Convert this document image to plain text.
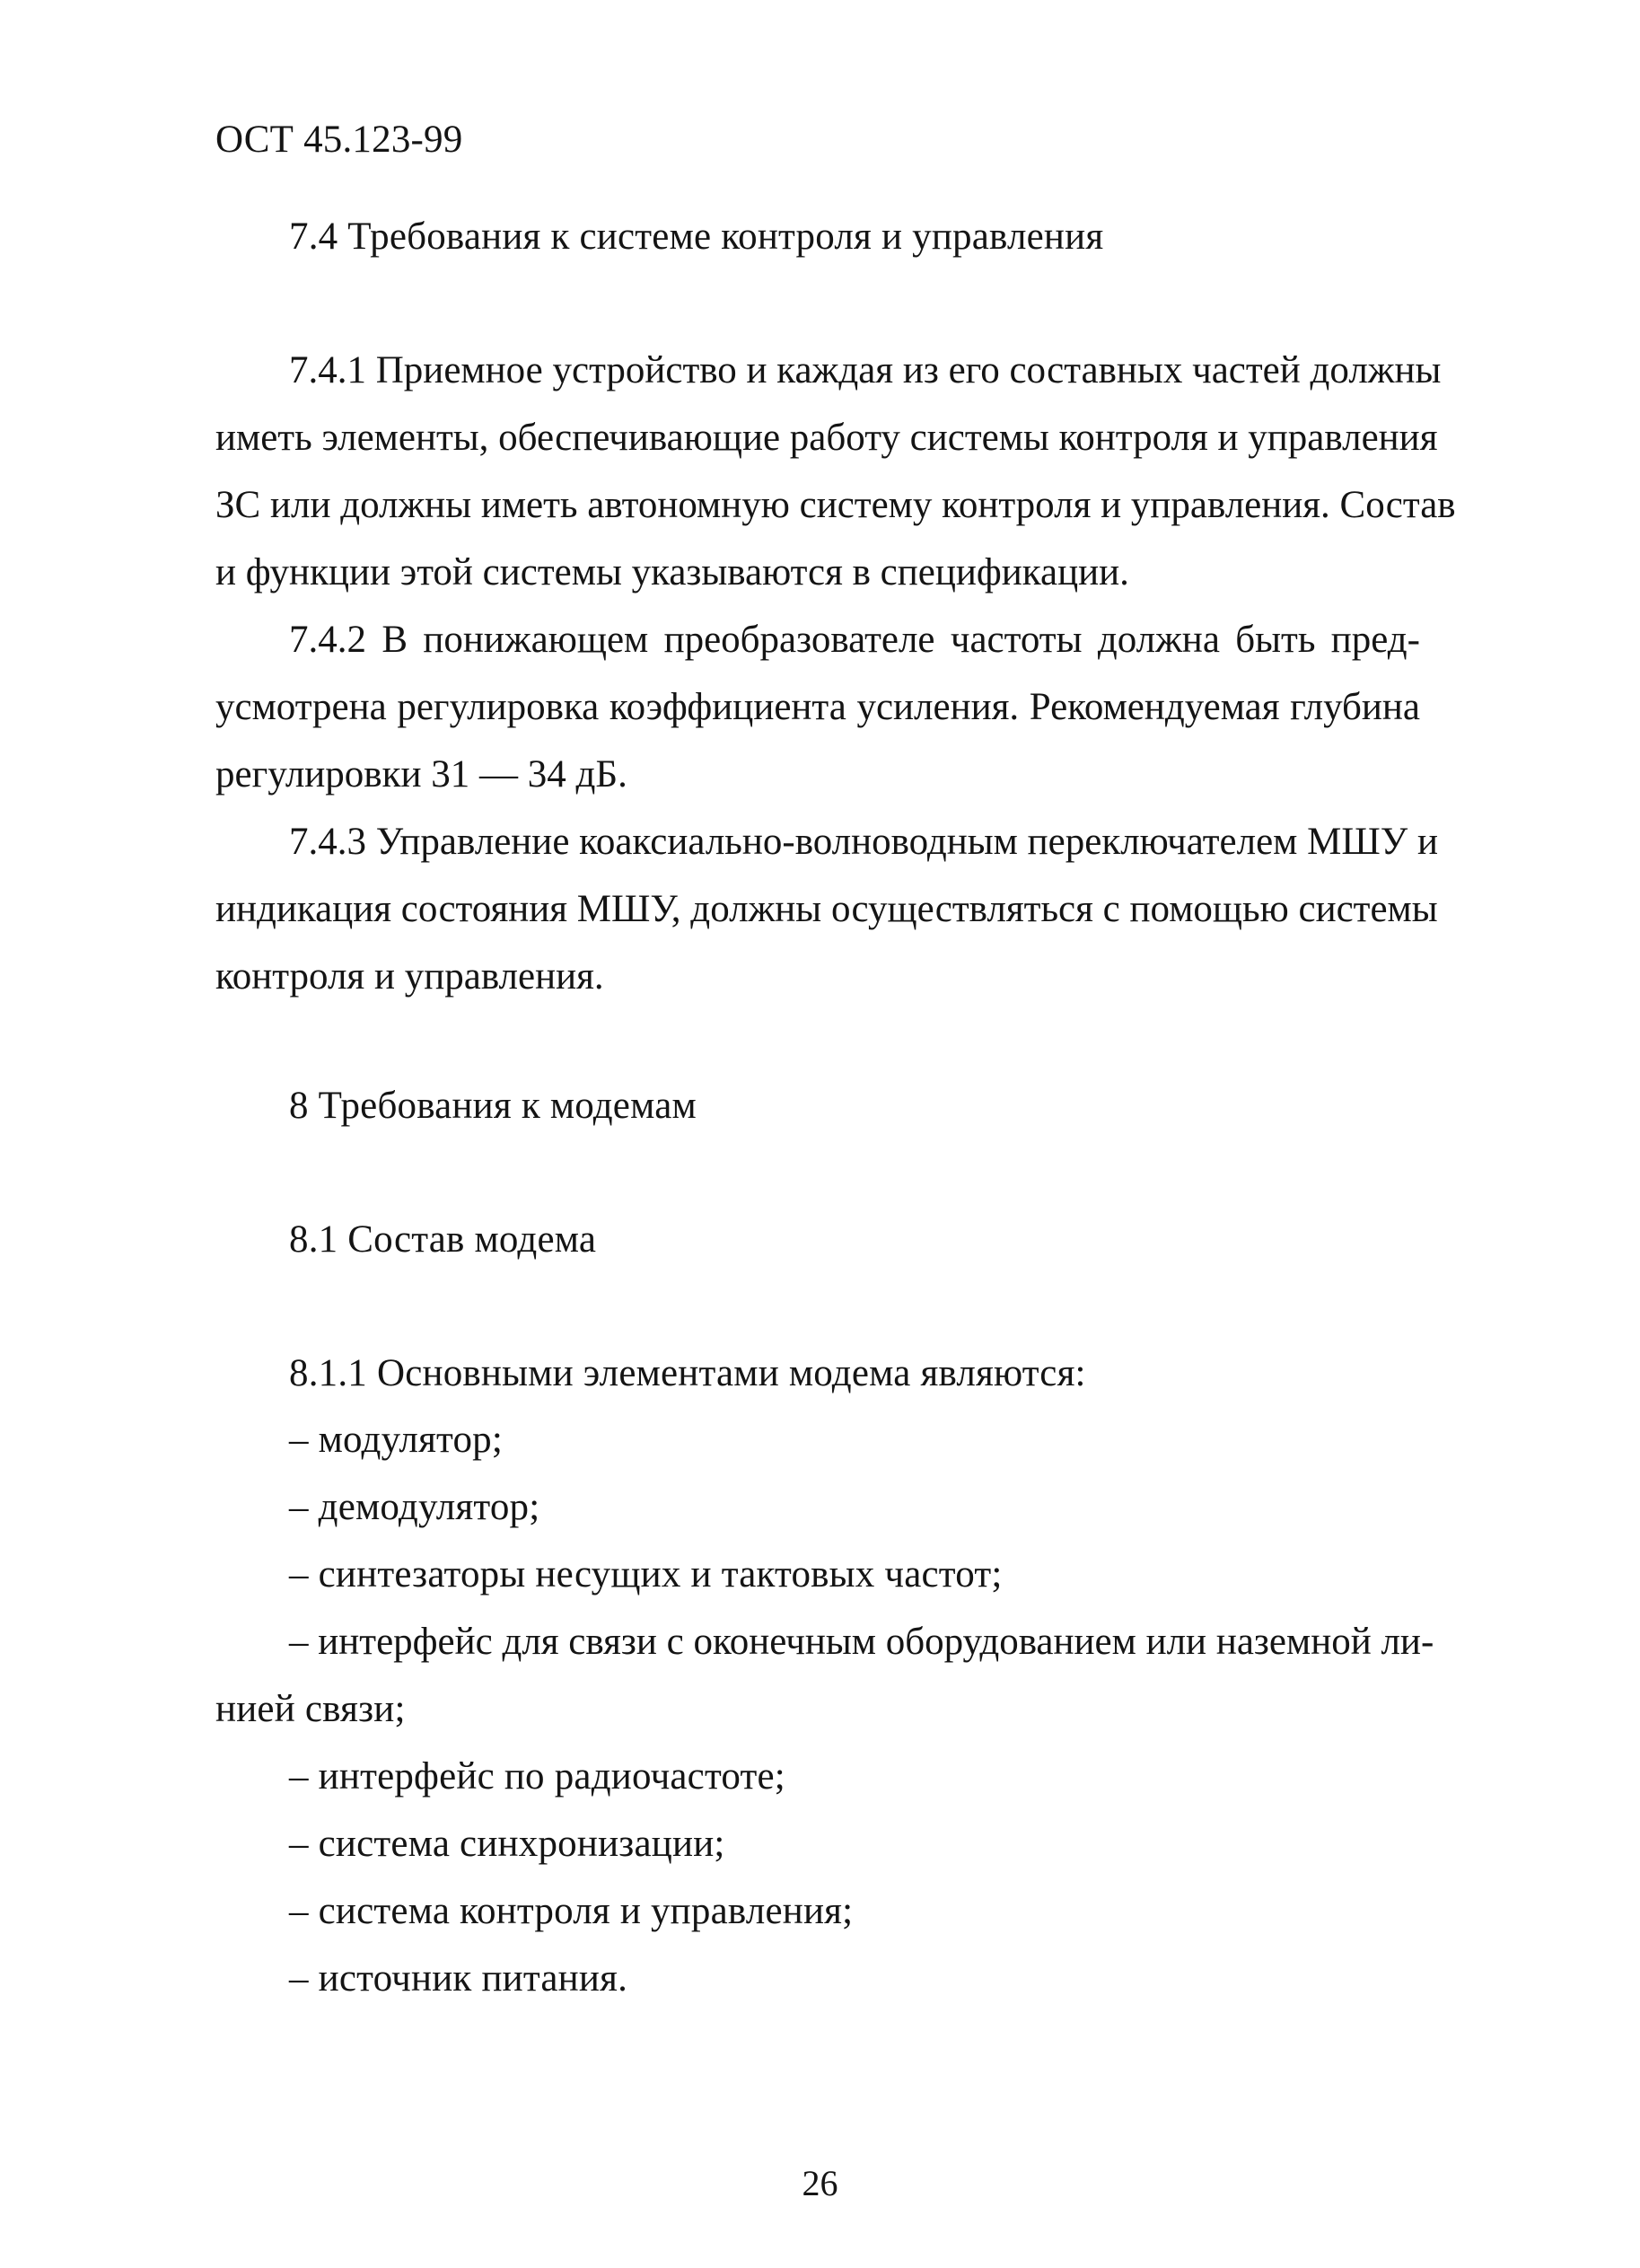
ОСТ 45.123-99
7.4 Требования к системе контроля и управления
7.4.1 Приемное устройство и каждая из его составных частей должны
иметь элементы, обеспечивающие работу системы контроля и управления
ЗС или должны иметь автономную систему контроля и управления. Состав
и функции этой системы указываются в спецификации.
7.4.2 В понижающем преобразователе частоты должна быть пред-
усмотрена регулировка коэффициента усиления. Рекомендуемая глубина
регулировки 31 — 34 дБ.
7.4.3 Управление коаксиально-волноводным переключателем МШУ и
индикация состояния МШУ, должны осуществляться с помощью системы
контроля и управления.
8 Требования к модемам
8.1 Состав модема
8.1.1 Основными элементами модема являются:
– модулятор;
– демодулятор;
– синтезаторы несущих и тактовых частот;
– интерфейс для связи с оконечным оборудованием или наземной ли-
нией связи;
– интерфейс по радиочастоте;
– система синхронизации;
– система контроля и управления;
– источник питания.
26
